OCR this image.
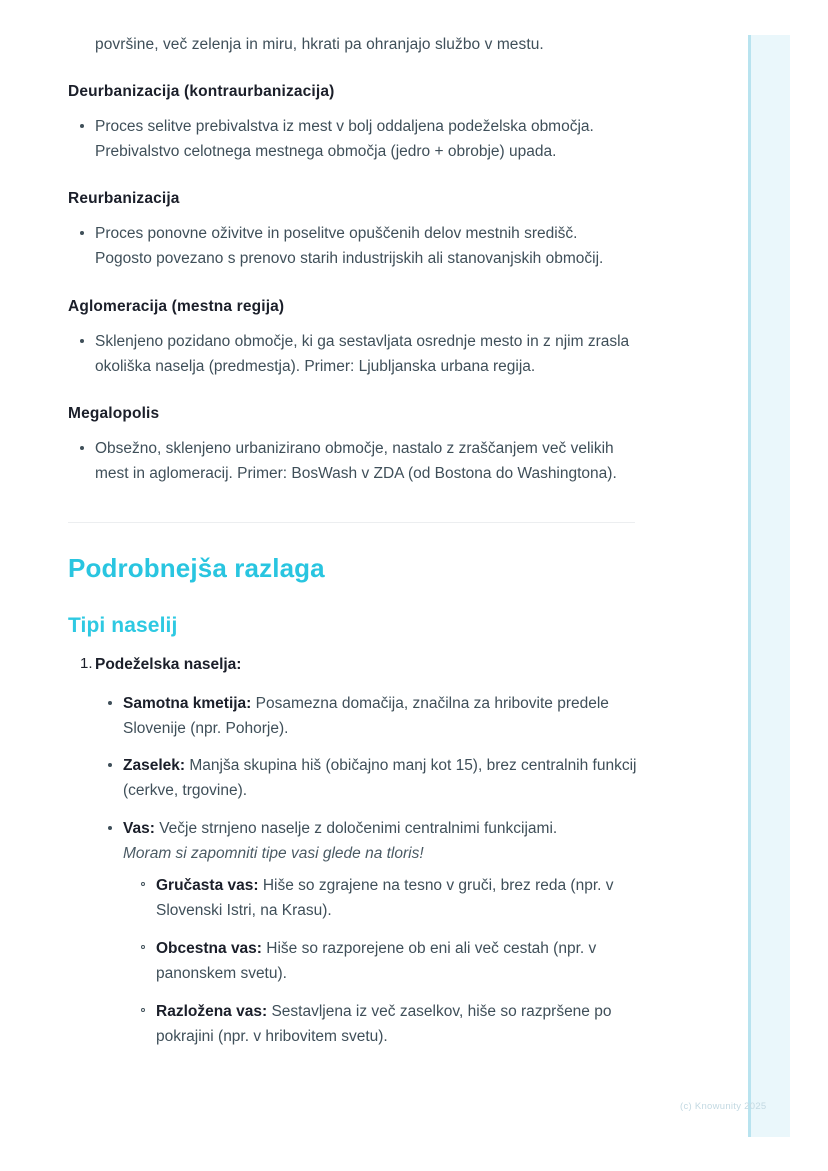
površine, več zelenja in miru, hkrati pa ohranjajo službo v mestu.

Deurbanizacija (kontraurbanizacija)
Proces selitve prebivalstva iz mest v bolj oddaljena podeželska območja. Prebivalstvo celotnega mestnega območja (jedro + obrobje) upada.
Reurbanizacija
Proces ponovne oživitve in poselitve opuščenih delov mestnih središč. Pogosto povezano s prenovo starih industrijskih ali stanovanjskih območij.
Aglomeracija (mestna regija)
Sklenjeno pozidano območje, ki ga sestavljata osrednje mesto in z njim zrasla okoliška naselja (predmestja). Primer: Ljubljanska urbana regija.
Megalopolis
Obsežno, sklenjeno urbanizirano območje, nastalo z zraščanjem več velikih mest in aglomeracij. Primer: BosWash v ZDA (od Bostona do Washingtona).
Podrobnejša razlaga
Tipi naselij
Podeželska naselja:
Samotna kmetija: Posamezna domačija, značilna za hribovite predele Slovenije (npr. Pohorje).
Zaselek: Manjša skupina hiš (običajno manj kot 15), brez centralnih funkcij (cerkve, trgovine).
Vas: Večje strnjeno naselje z določenimi centralnimi funkcijami.
Moram si zapomniti tipe vasi glede na tloris!
Gručasta vas: Hiše so zgrajene na tesno v gruči, brez reda (npr. v Slovenski Istri, na Krasu).
Obcestna vas: Hiše so razporejene ob eni ali več cestah (npr. v panonskem svetu).
Razložena vas: Sestavljena iz več zaselkov, hiše so razpršene po pokrajini (npr. v hribovitem svetu).
(c) Knowunity 2025
